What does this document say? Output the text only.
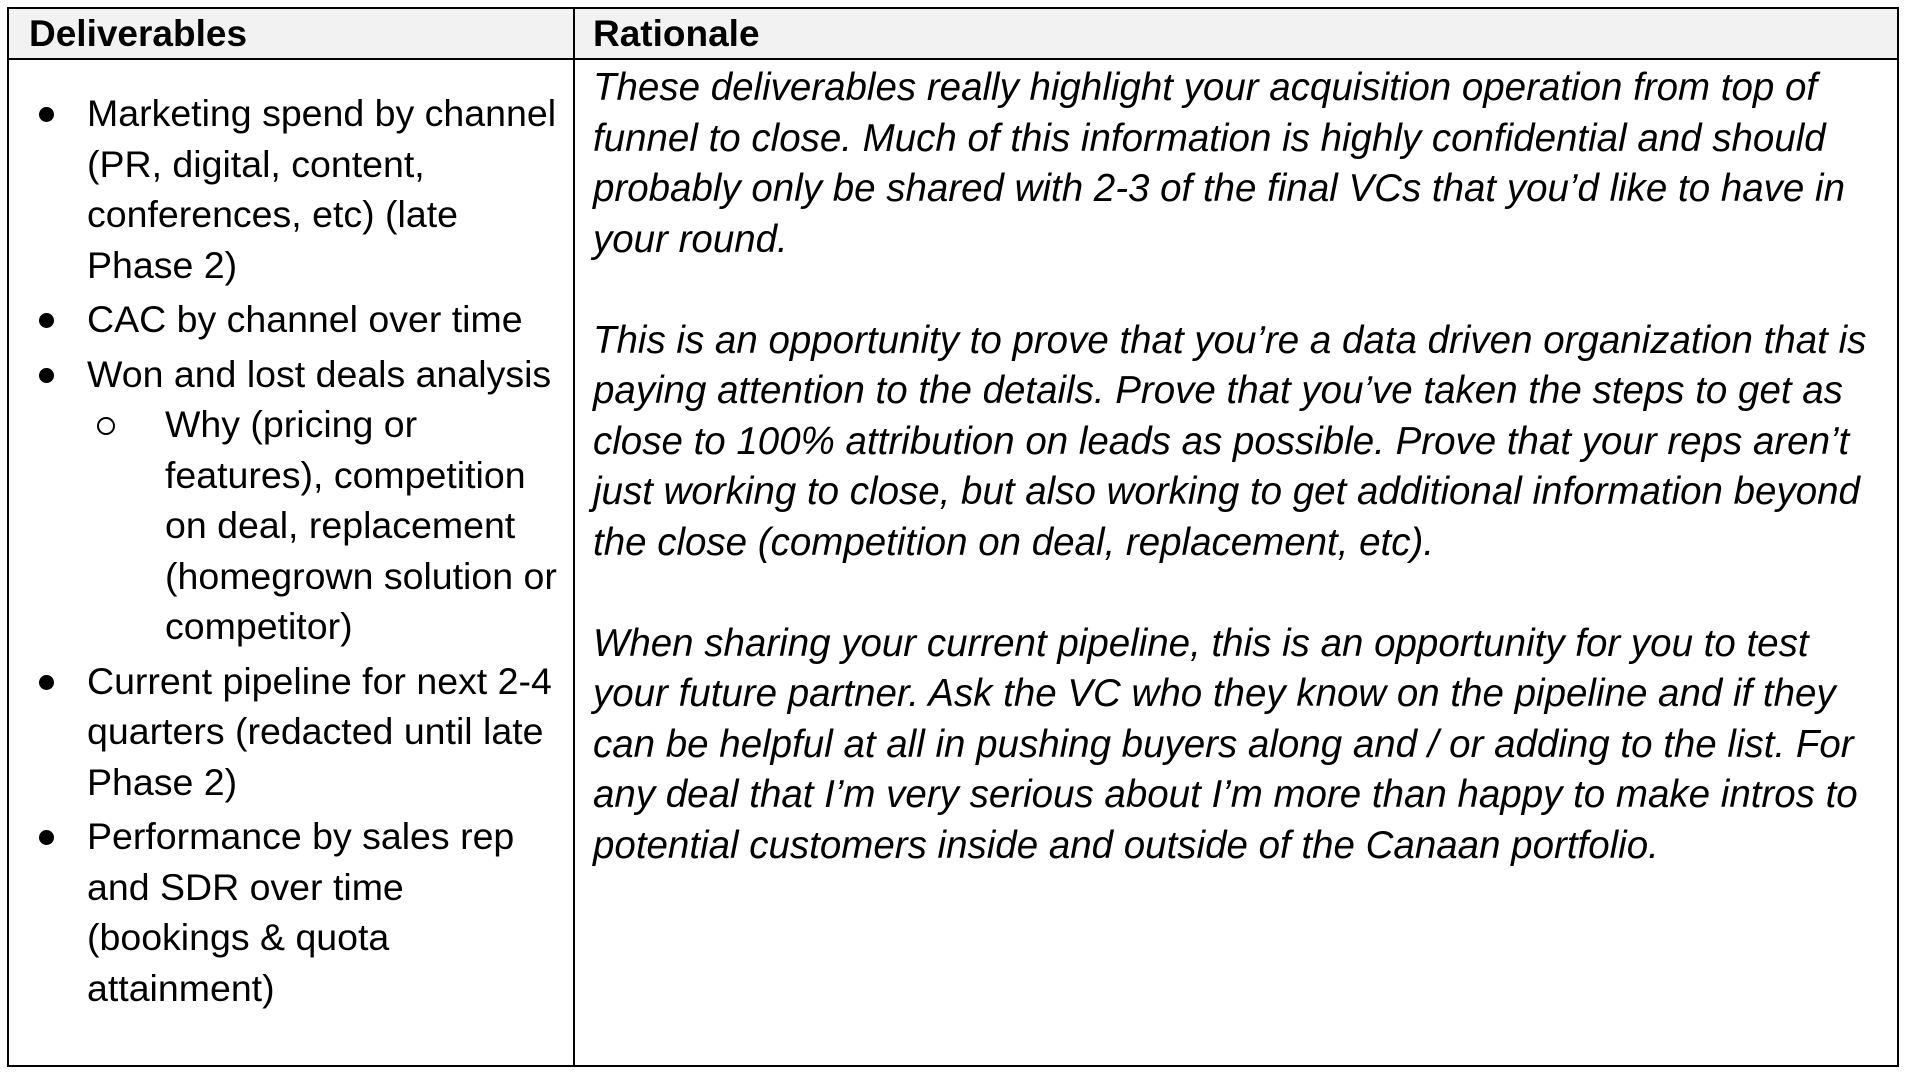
Deliverables	Rationale
Marketing spend by channel (PR, digital, content, conferences, etc) (late Phase 2)
CAC by channel over time
Won and lost deals analysis
Why (pricing or features), competition on deal, replacement (homegrown solution or competitor)
Current pipeline for next 2-4 quarters (redacted until late Phase 2)
Performance by sales rep and SDR over time (bookings & quota attainment)

These deliverables really highlight your acquisition operation from top of funnel to close. Much of this information is highly confidential and should probably only be shared with 2-3 of the final VCs that you’d like to have in your round.

This is an opportunity to prove that you’re a data driven organization that is paying attention to the details. Prove that you’ve taken the steps to get as close to 100% attribution on leads as possible. Prove that your reps aren’t just working to close, but also working to get additional information beyond the close (competition on deal, replacement, etc).

When sharing your current pipeline, this is an opportunity for you to test your future partner. Ask the VC who they know on the pipeline and if they can be helpful at all in pushing buyers along and / or adding to the list. For any deal that I’m very serious about I’m more than happy to make intros to potential customers inside and outside of the Canaan portfolio.
